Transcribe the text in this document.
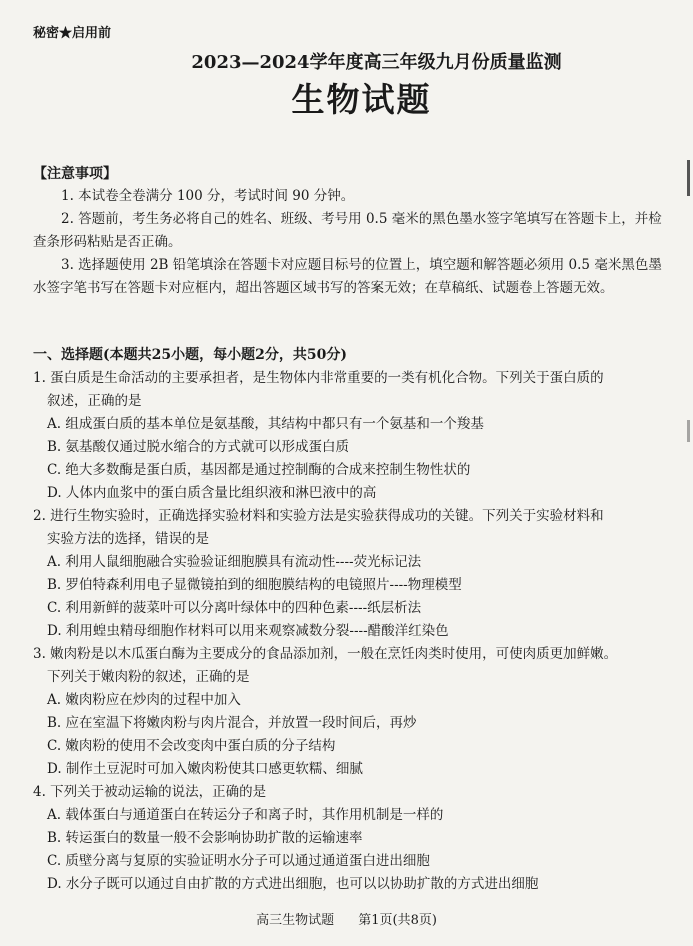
秘密★启用前
2023—2024学年度高三年级九月份质量监测
生物试题
【注意事项】
1. 本试卷全卷满分 100 分，考试时间 90 分钟。
2. 答题前，考生务必将自己的姓名、班级、考号用 0.5 毫米的黑色墨水签字笔填写在答题卡上，并检查条形码粘贴是否正确。
3. 选择题使用 2B 铅笔填涂在答题卡对应题目标号的位置上，填空题和解答题必须用 0.5 毫米黑色墨水签字笔书写在答题卡对应框内，超出答题区域书写的答案无效；在草稿纸、试题卷上答题无效。
一、选择题(本题共25小题，每小题2分，共50分)
1. 蛋白质是生命活动的主要承担者，是生物体内非常重要的一类有机化合物。下列关于蛋白质的
叙述，正确的是
A. 组成蛋白质的基本单位是氨基酸，其结构中都只有一个氨基和一个羧基
B. 氨基酸仅通过脱水缩合的方式就可以形成蛋白质
C. 绝大多数酶是蛋白质，基因都是通过控制酶的合成来控制生物性状的
D. 人体内血浆中的蛋白质含量比组织液和淋巴液中的高
2. 进行生物实验时，正确选择实验材料和实验方法是实验获得成功的关键。下列关于实验材料和
实验方法的选择，错误的是
A. 利用人鼠细胞融合实验验证细胞膜具有流动性----荧光标记法
B. 罗伯特森利用电子显微镜拍到的细胞膜结构的电镜照片----物理模型
C. 利用新鲜的菠菜叶可以分离叶绿体中的四种色素----纸层析法
D. 利用蝗虫精母细胞作材料可以用来观察减数分裂----醋酸洋红染色
3. 嫩肉粉是以木瓜蛋白酶为主要成分的食品添加剂，一般在烹饪肉类时使用，可使肉质更加鲜嫩。
下列关于嫩肉粉的叙述，正确的是
A. 嫩肉粉应在炒肉的过程中加入
B. 应在室温下将嫩肉粉与肉片混合，并放置一段时间后，再炒
C. 嫩肉粉的使用不会改变肉中蛋白质的分子结构
D. 制作土豆泥时可加入嫩肉粉使其口感更软糯、细腻
4. 下列关于被动运输的说法，正确的是
A. 载体蛋白与通道蛋白在转运分子和离子时，其作用机制是一样的
B. 转运蛋白的数量一般不会影响协助扩散的运输速率
C. 质壁分离与复原的实验证明水分子可以通过通道蛋白进出细胞
D. 水分子既可以通过自由扩散的方式进出细胞，也可以以协助扩散的方式进出细胞
高三生物试题 第1页(共8页)
